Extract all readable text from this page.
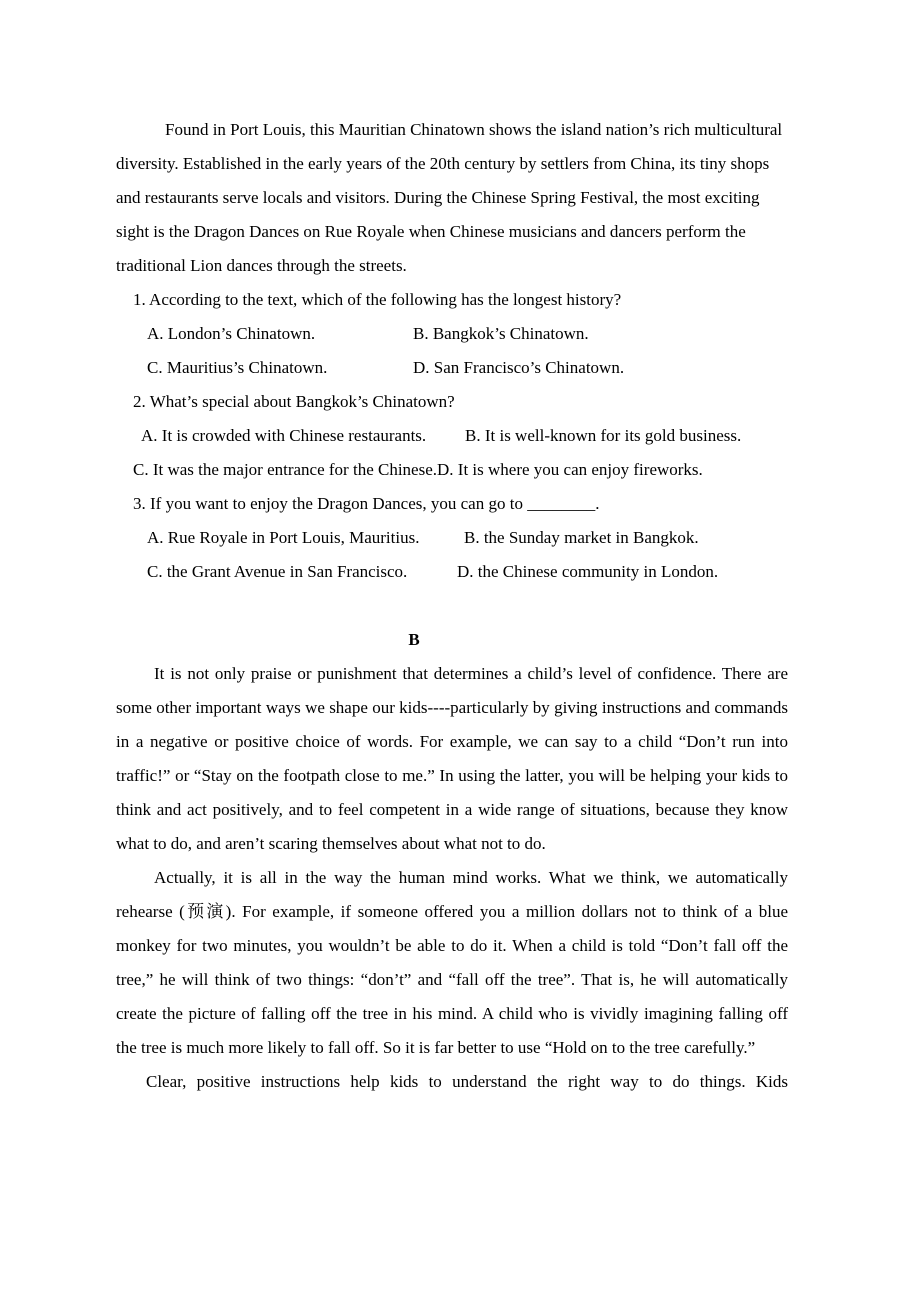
Found in Port Louis, this Mauritian Chinatown shows the island nation’s rich multicultural diversity. Established in the early years of the 20th century by settlers from China, its tiny shops and restaurants serve locals and visitors. During the Chinese Spring Festival, the most exciting sight is the Dragon Dances on Rue Royale when Chinese musicians and dancers perform the traditional Lion dances through the streets.

1. According to the text, which of the following has the longest history?
A. London’s Chinatown.	B. Bangkok’s Chinatown.
C. Mauritius’s Chinatown.	D. San Francisco’s Chinatown.
2. What’s special about Bangkok’s Chinatown?
A. It is crowded with Chinese restaurants. B. It is well-known for its gold business.
C. It was the major entrance for the Chinese.D. It is where you can enjoy fireworks.
3. If you want to enjoy the Dragon Dances, you can go to ________.
A. Rue Royale in Port Louis, Mauritius.	B. the Sunday market in Bangkok.
C. the Grant Avenue in San Francisco.	D. the Chinese community in London.

B

It is not only praise or punishment that determines a child’s level of confidence. There are some other important ways we shape our kids----particularly by giving instructions and commands in a negative or positive choice of words. For example, we can say to a child “Don’t run into traffic!” or “Stay on the footpath close to me.” In using the latter, you will be helping your kids to think and act positively, and to feel competent in a wide range of situations, because they know what to do, and aren’t scaring themselves about what not to do.

Actually, it is all in the way the human mind works. What we think, we automatically rehearse (预演). For example, if someone offered you a million dollars not to think of a blue monkey for two minutes, you wouldn’t be able to do it. When a child is told “Don’t fall off the tree,” he will think of two things: “don’t” and “fall off the tree”. That is, he will automatically create the picture of falling off the tree in his mind. A child who is vividly imagining falling off the tree is much more likely to fall off. So it is far better to use “Hold on to the tree carefully.”

Clear, positive instructions help kids to understand the right way to do things. Kids
